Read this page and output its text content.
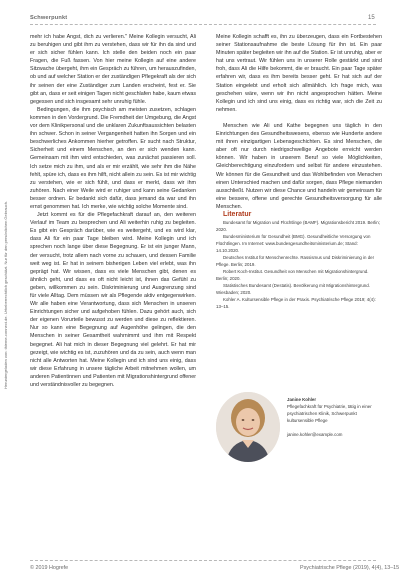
Heruntergeladen von: thieme-connect.de. Urheberrechtlich geschützt. Nur für den persönlichen Gebrauch.
Schwerpunkt	15

mehr ich habe Angst, dich zu verlieren." Meine Kollegin versucht, Ali zu beruhigen und gibt ihm zu verstehen, dass wir für ihn da sind und er sich sicher fühlen kann. Ich stelle den beiden noch ein paar Fragen, die Fuß fassen. Von hier meine Kollegin auf eine andere Sitzwache übergeht, ihm ein Gespräch zu führen, um herauszufinden, ob und auf welcher Station er der zuständigen Pflegekraft als der sich ihr seinen der eine Zuständiger zum Landen erscheint, fest er. Sie gibt an, dass er seit einigen Tagen nicht geschlafen habe, kaum etwas gegessen und sich insgesamt sehr unruhig fühle.

Bedingungen, die ihm psychisch am meisten zusetzen, schlagen kommen in den Vordergrund. Die Fremdheit der Umgebung, die Angst vor dem Klinikpersonal und die unklaren Zukunftsaussichten belasten ihn schwer. Schon in seiner Vergangenheit hatten ihn Sorgen und ein beschwerliches Ankommen hierher getroffen. Er sucht nach Struktur, Sicherheit und einem Menschen, an den er sich wenden kann. Gemeinsam mit ihm wird entschieden, was zunächst passieren soll. Ich setze mich zu ihm, und als er mir erzählt, wie sehr ihm die Nähe fehlt, spüre ich, dass es ihm hilft, nicht allein zu sein. Es ist mir wichtig zu verstehen, wie er sich fühlt, und dass er merkt, dass wir ihm zuhören. Nach einer Weile wird er ruhiger und kann seine Gedanken besser ordnen. Er bedankt sich dafür, dass jemand da war und ihn ernst genommen hat. Ich merke, wie wichtig solche Momente sind.

Jetzt kommt es für die Pflegefachkraft darauf an, den weiteren Verlauf im Team zu besprechen und Ali weiterhin ruhig zu begleiten. Es gibt ein Gespräch darüber, wie es weitergeht, und es wird klar, dass Ali für ein paar Tage bleiben wird. Meine Kollegin und ich sprechen noch lange über diese Begegnung. Er ist ein junger Mann, der versucht, trotz allem nach vorne zu schauen, und dessen Familie weit weg ist. Er hat in seinem bisherigen Leben viel erlebt, was ihn geprägt hat. Wir wissen, dass es viele Menschen gibt, denen es ähnlich geht, und dass es oft nicht leicht ist, ihnen das Gefühl zu geben, willkommen zu sein. Diskriminierung und Ausgrenzung sind für viele Alltag. Dem müssen wir als Pflegende aktiv entgegenwirken. Wir alle haben eine Verantwortung, dass sich Menschen in unseren Einrichtungen sicher und aufgehoben fühlen. Dazu gehört auch, sich der eigenen Vorurteile bewusst zu werden und diese zu reflektieren. Nur so kann eine Begegnung auf Augenhöhe gelingen, die den Menschen in seiner Gesamtheit wahrnimmt und ihm mit Respekt begegnet. Ali hat mich in dieser Begegnung viel gelehrt. Er hat mir gezeigt, wie wichtig es ist, zuzuhören und da zu sein, auch wenn man nicht alle Antworten hat. Meine Kollegin und ich sind uns einig, dass wir diese Erfahrung in unsere tägliche Arbeit mitnehmen wollen, um anderen Patientinnen und Patienten mit Migrationshintergrund offener und verständnisvoller zu begegnen.

Meine Kollegin schafft es, ihn zu überzeugen, dass ein Fortbestehen seiner Stationsaufnahme die beste Lösung für ihn ist. Ein paar Minuten später begleiten wir ihn auf die Station. Er ist unruhig, aber er hat uns vertraut. Wir fühlen uns in unserer Rolle gestärkt und sind froh, dass Ali die Hilfe bekommt, die er braucht. Ein paar Tage später erfahren wir, dass es ihm bereits besser geht. Er hat sich auf der Station eingelebt und erholt sich allmählich. Ich frage mich, was geschehen wäre, wenn wir ihn nicht angesprochen hätten. Meine Kollegin und ich sind uns einig, dass es richtig war, sich die Zeit zu nehmen.

Menschen wie Ali und Kathe begegnen uns täglich in den Einrichtungen des Gesundheitswesens, ebenso wie Hunderte andere mit ihren einzigartigen Lebensgeschichten. Es sind Menschen, die aber oft nur durch niedrigschwellige Angebote erreicht werden können. Wir haben in unserem Beruf so viele Möglichkeiten, Gleichberechtigung einzufordern und selbst für andere einzustehen. Wir können für die Gesundheit und das Wohlbefinden von Menschen einen Unterschied machen und dafür sorgen, dass Pflege niemanden ausschließt. Nutzen wir diese Chance und handeln wir gemeinsam für eine bessere, offene und gerechte Gesundheitsversorgung für alle Menschen.

Literatur

Bundesamt für Migration und Flüchtlinge (BAMF). Migrationsbericht 2019. Berlin; 2020.

Bundesministerium für Gesundheit (BMG). Gesundheitliche Versorgung von Flüchtlingen. Im Internet: www.bundesgesundheitsministerium.de; Stand: 14.10.2020.

Deutsches Institut für Menschenrechte. Rassismus und Diskriminierung in der Pflege. Berlin; 2019.

Robert Koch-Institut. Gesundheit von Menschen mit Migrationshintergrund. Berlin; 2020.

Statistisches Bundesamt (Destatis). Bevölkerung mit Migrationshintergrund. Wiesbaden; 2020.

Kohler A. Kultursensible Pflege in der Praxis. Psychiatrische Pflege 2019; 4(4): 13–15.

Janine Kohler
Pflegefachkraft für Psychiatrie, tätig in einer psychiatrischen Klinik, Schwerpunkt kultursensible Pflege
janine.kohler@example.com
© 2019 Hogrefe	Psychiatrische Pflege (2019), 4(4), 13–15
